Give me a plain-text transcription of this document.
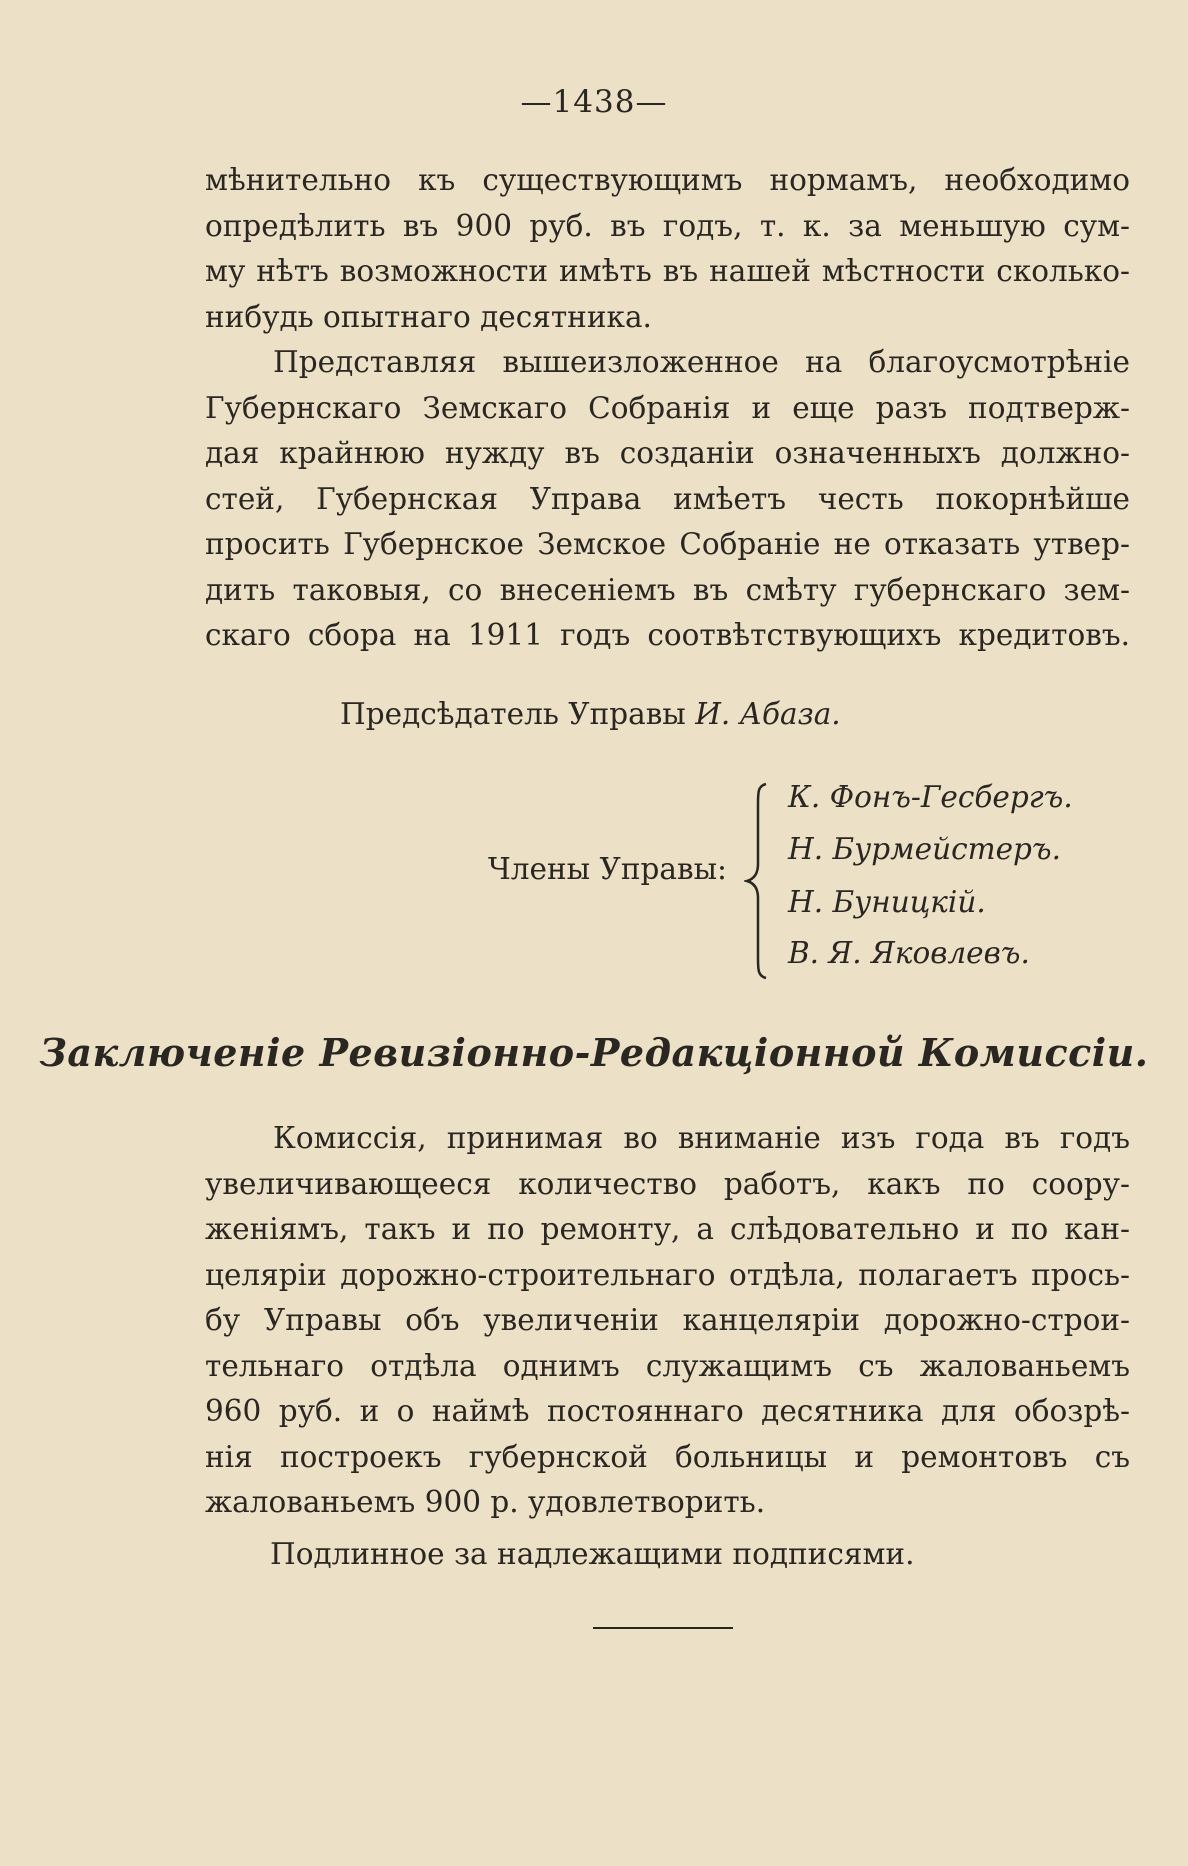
—1438—
мѣнительно къ существующимъ нормамъ, необходимо
опредѣлить въ 900 руб. въ годъ, т. к. за меньшую сум-
му нѣтъ возможности имѣть въ нашей мѣстности сколько-
нибудь опытнаго десятника.
Представляя вышеизложенное на благоусмотрѣніе
Губернскаго Земскаго Собранія и еще разъ подтверж-
дая крайнюю нужду въ созданіи означенныхъ должно-
стей, Губернская Управа имѣетъ честь покорнѣйше
просить Губернское Земское Собраніе не отказать утвер-
дить таковыя, со внесеніемъ въ смѣту губернскаго зем-
скаго сбора на 1911 годъ соотвѣтствующихъ кредитовъ.
Предсѣдатель Управы И. Абаза.
Члены Управы:
К. Фонъ-Гесбергъ.
Н. Бурмейстеръ.
Н. Буницкій.
В. Я. Яковлевъ.
Заключеніе Ревизіонно-Редакціонной Комиссіи.
Комиссія, принимая во вниманіе изъ года въ годъ
увеличивающееся количество работъ, какъ по соору-
женіямъ, такъ и по ремонту, а слѣдовательно и по кан-
целяріи дорожно-строительнаго отдѣла, полагаетъ прось-
бу Управы объ увеличеніи канцеляріи дорожно-строи-
тельнаго отдѣла однимъ служащимъ съ жалованьемъ
960 руб. и о наймѣ постояннаго десятника для обозрѣ-
нія построекъ губернской больницы и ремонтовъ съ
жалованьемъ 900 р. удовлетворить.
Подлинное за надлежащими подписями.
